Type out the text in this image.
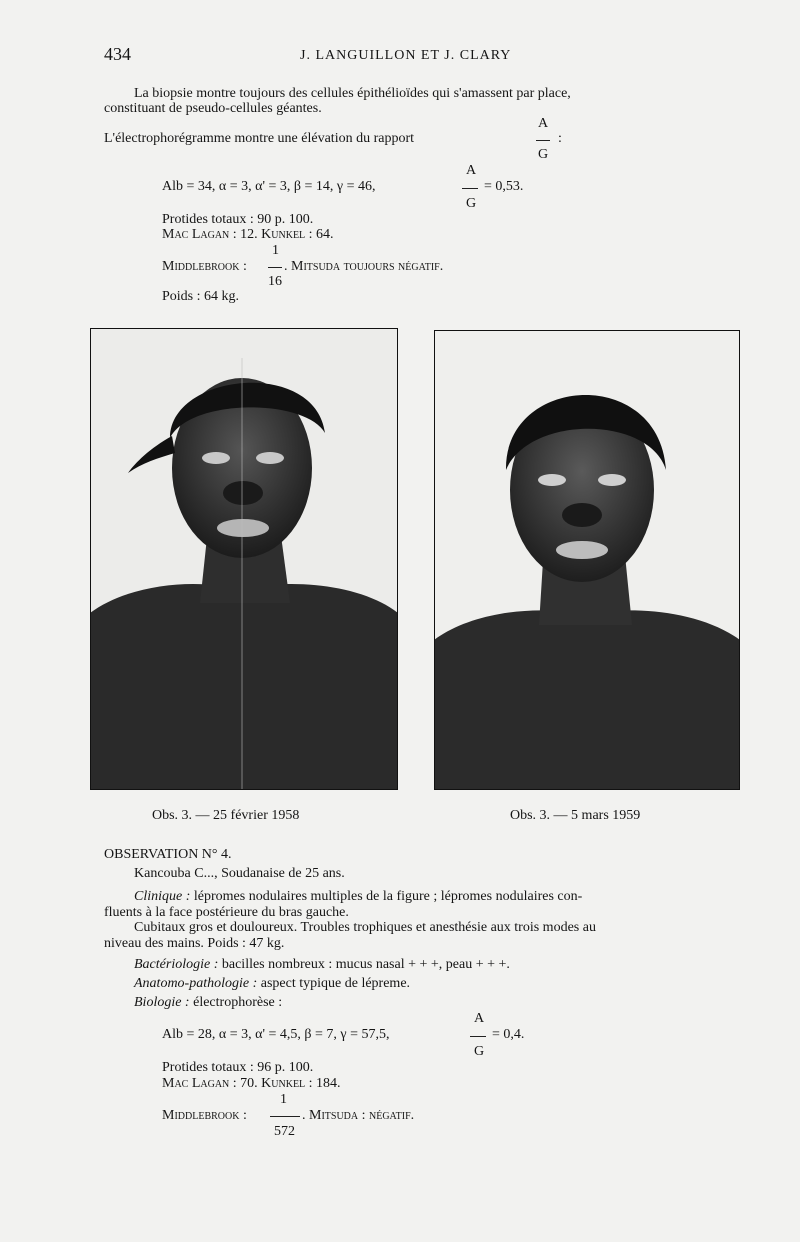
434	J. LANGUILLON ET J. CLARY
La biopsie montre toujours des cellules épithélioïdes qui s'amassent par place,
constituant de pseudo-cellules géantes.
A
L'électrophorégramme montre une élévation du rapport	:
G
A
Alb = 34, α = 3, α' = 3, β = 14, γ = 46,	= 0,53.
G
Protides totaux : 90 p. 100.
Mac Lagan : 12. Kunkel : 64.
1
Middlebrook :	. Mitsuda toujours négatif.
16
Poids : 64 kg.
Obs. 3. — 25 février 1958	Obs. 3. — 5 mars 1959
OBSERVATION N° 4.
Kancouba C..., Soudanaise de 25 ans.
Clinique : lépromes nodulaires multiples de la figure ; lépromes nodulaires con-
fluents à la face postérieure du bras gauche.
Cubitaux gros et douloureux. Troubles trophiques et anesthésie aux trois modes au
niveau des mains. Poids : 47 kg.
Bactériologie : bacilles nombreux : mucus nasal + + +, peau + + +.
Anatomo-pathologie : aspect typique de lépreme.
Biologie : électrophorèse :
A
Alb = 28, α = 3, α' = 4,5, β = 7, γ = 57,5,	= 0,4.
G
Protides totaux : 96 p. 100.
Mac Lagan : 70. Kunkel : 184.
1
Middlebrook :	. Mitsuda : négatif.
572
